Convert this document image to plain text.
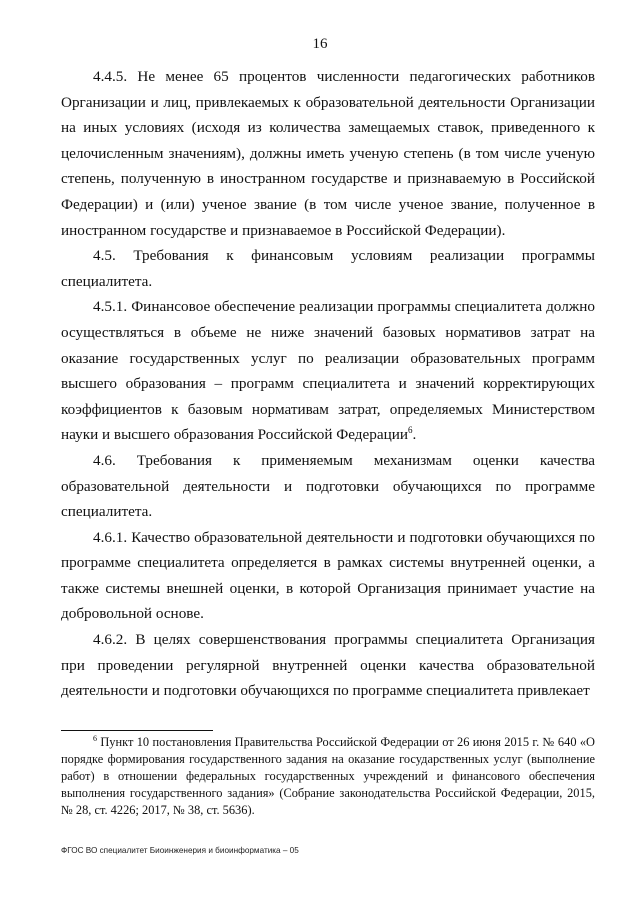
16

4.4.5. Не менее 65 процентов численности педагогических работников Организации и лиц, привлекаемых к образовательной деятельности Организации на иных условиях (исходя из количества замещаемых ставок, приведенного к целочисленным значениям), должны иметь ученую степень (в том числе ученую степень, полученную в иностранном государстве и признаваемую в Российской Федерации) и (или) ученое звание (в том числе ученое звание, полученное в иностранном государстве и признаваемое в Российской Федерации).

4.5. Требования к финансовым условиям реализации программы специалитета.

4.5.1. Финансовое обеспечение реализации программы специалитета должно осуществляться в объеме не ниже значений базовых нормативов затрат на оказание государственных услуг по реализации образовательных программ высшего образования – программ специалитета и значений корректирующих коэффициентов к базовым нормативам затрат, определяемых Министерством науки и высшего образования Российской Федерации$^6$.

4.6. Требования к применяемым механизмам оценки качества образовательной деятельности и подготовки обучающихся по программе специалитета.

4.6.1. Качество образовательной деятельности и подготовки обучающихся по программе специалитета определяется в рамках системы внутренней оценки, а также системы внешней оценки, в которой Организация принимает участие на добровольной основе.

4.6.2. В целях совершенствования программы специалитета Организация при проведении регулярной внутренней оценки качества образовательной деятельности и подготовки обучающихся по программе специалитета привлекает

$^6$ Пункт 10 постановления Правительства Российской Федерации от 26 июня 2015 г. № 640 «О порядке формирования государственного задания на оказание государственных услуг (выполнение работ) в отношении федеральных государственных учреждений и финансового обеспечения выполнения государственного задания» (Собрание законодательства Российской Федерации, 2015, № 28, ст. 4226; 2017, № 38, ст. 5636).

ФГОС ВО специалитет Биоинженерия и биоинформатика – 05
